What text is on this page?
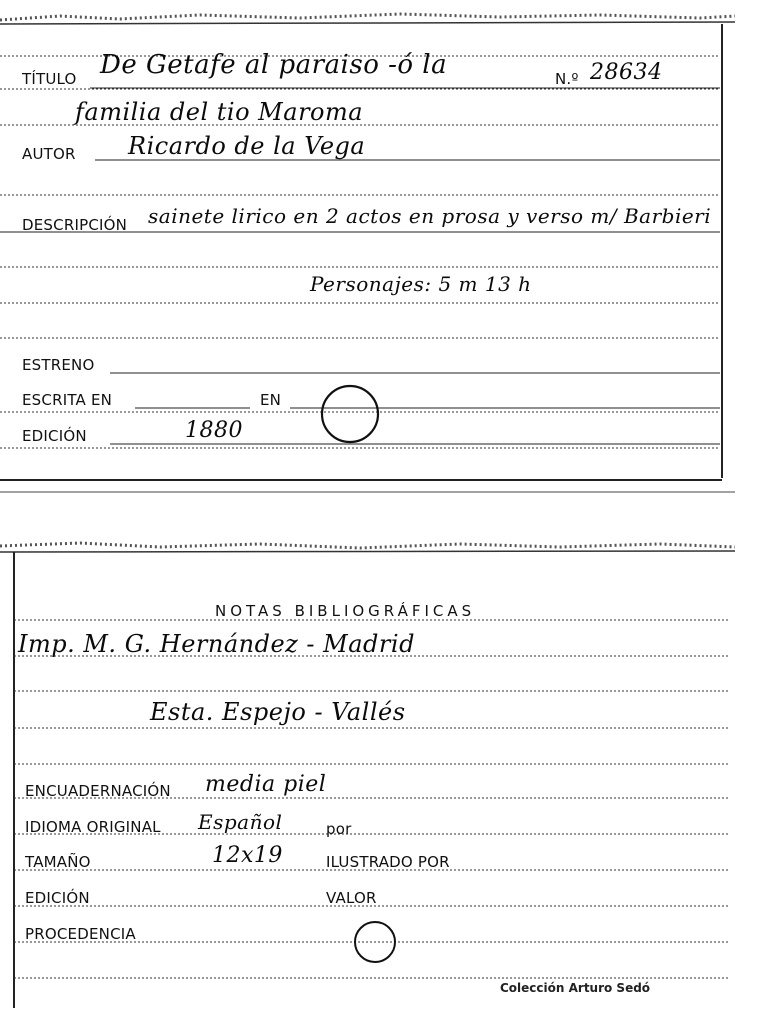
TÍTULO De Getafe al paraiso -ó la	N.º 28634
familia del tio Maroma
AUTOR Ricardo de la Vega
DESCRIPCIÓN sainete lirico en 2 actos en prosa y verso m/ Barbieri
Personajes: 5 m 13 h
ESTRENO
ESCRITA EN	EN
EDICIÓN	1880
NOTAS BIBLIOGRÁFICAS
Imp. M. G. Hernández - Madrid
Esta. Espejo - Vallés
ENCUADERNACIÓN media piel
IDIOMA ORIGINAL Español	por
TAMAÑO	12x19	ILUSTRADO POR
EDICIÓN	VALOR
PROCEDENCIA
Colección Arturo Sedó
